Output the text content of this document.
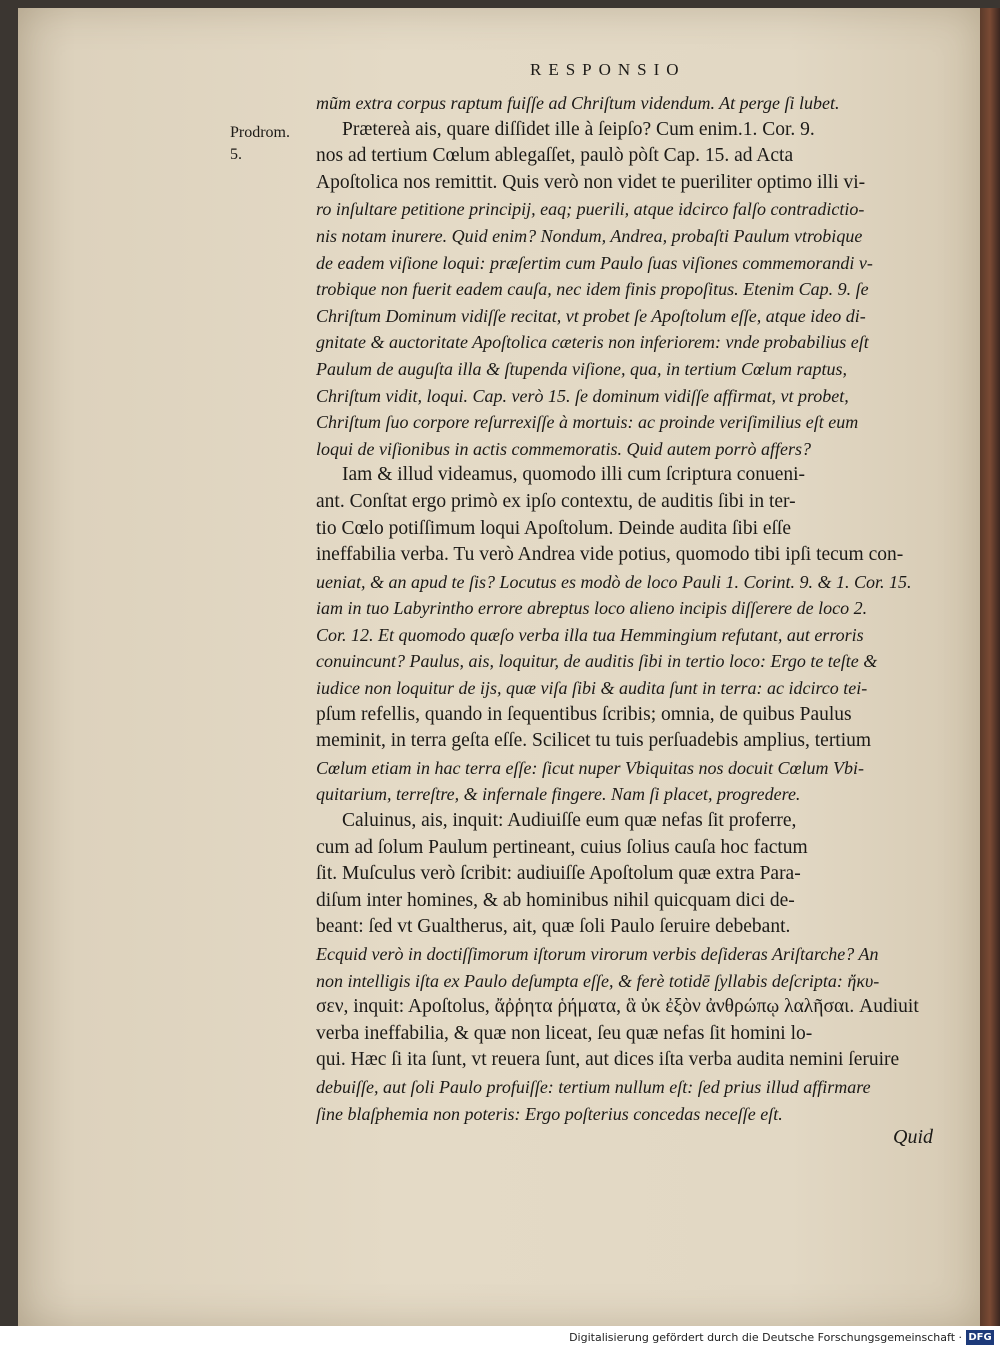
RESPONSIO
Prodrom.
5.
mũm extra corpus raptum fuiſſe ad Chriſtum videndum. At perge ſi lubet.
Prætereà ais, quare diſſidet ille à ſeipſo? Cum enim.1. Cor. 9.
nos ad tertium Cœlum ablegaſſet, paulò pòſt Cap. 15. ad Acta
Apoſtolica nos remittit. Quis verò non videt te pueriliter optimo illi vi-
ro inſultare petitione principij, eaq; puerili, atque idcirco falſo contradictio-
nis notam inurere. Quid enim? Nondum, Andrea, probaſti Paulum vtrobique
de eadem viſione loqui: præſertim cum Paulo ſuas viſiones commemorandi v-
trobique non fuerit eadem cauſa, nec idem finis propoſitus. Etenim Cap. 9. ſe
Chriſtum Dominum vidiſſe recitat, vt probet ſe Apoſtolum eſſe, atque ideo di-
gnitate & auctoritate Apoſtolica cæteris non inferiorem: vnde probabilius eſt
Paulum de auguſta illa & ſtupenda viſione, qua, in tertium Cœlum raptus,
Chriſtum vidit, loqui. Cap. verò 15. ſe dominum vidiſſe affirmat, vt probet,
Chriſtum ſuo corpore reſurrexiſſe à mortuis: ac proinde veriſimilius eſt eum
loqui de viſionibus in actis commemoratis. Quid autem porrò affers?
Iam & illud videamus, quomodo illi cum ſcriptura conueni-
ant. Conſtat ergo primò ex ipſo contextu, de auditis ſibi in ter-
tio Cœlo potiſſimum loqui Apoſtolum. Deinde audita ſibi eſſe
ineffabilia verba. Tu verò Andrea vide potius, quomodo tibi ipſi tecum con-
ueniat, & an apud te ſis? Locutus es modò de loco Pauli 1. Corint. 9. & 1. Cor. 15.
iam in tuo Labyrintho errore abreptus loco alieno incipis diſſerere de loco 2.
Cor. 12. Et quomodo quæſo verba illa tua Hemmingium refutant, aut erroris
conuincunt? Paulus, ais, loquitur, de auditis ſibi in tertio loco: Ergo te teſte &
iudice non loquitur de ijs, quæ viſa ſibi & audita ſunt in terra: ac idcirco tei-
pſum refellis, quando in ſequentibus ſcribis; omnia, de quibus Paulus
meminit, in terra geſta eſſe. Scilicet tu tuis perſuadebis amplius, tertium
Cœlum etiam in hac terra eſſe: ſicut nuper Vbiquitas nos docuit Cœlum Vbi-
quitarium, terreſtre, & infernale fingere. Nam ſi placet, progredere.
Caluinus, ais, inquit: Audiuiſſe eum quæ nefas ſit proferre,
cum ad ſolum Paulum pertineant, cuius ſolius cauſa hoc factum
ſit. Muſculus verò ſcribit: audiuiſſe Apoſtolum quæ extra Para-
diſum inter homines, & ab hominibus nihil quicquam dici de-
beant: ſed vt Gualtherus, ait, quæ ſoli Paulo ſeruire debebant.
Ecquid verò in doctiſſimorum iſtorum virorum verbis deſideras Ariſtarche? An
non intelligis iſta ex Paulo deſumpta eſſe, & ferè totidē ſyllabis deſcripta: ἤκυ-
σεν, inquit: Apoſtolus, ἄῤῥητα ῥήματα, ἃ ὐκ ἐξὸν ἀνθρώπῳ λαλῆσαι. Audiuit
verba ineffabilia, & quæ non liceat, ſeu quæ nefas ſit homini lo-
qui. Hæc ſi ita ſunt, vt reuera ſunt, aut dices iſta verba audita nemini ſeruire
debuiſſe, aut ſoli Paulo profuiſſe: tertium nullum eſt: ſed prius illud affirmare
ſine blaſphemia non poteris: Ergo poſterius concedas neceſſe eſt.
Quid
Digitalisierung gefördert durch die Deutsche Forschungsgemeinschaft · DFG
